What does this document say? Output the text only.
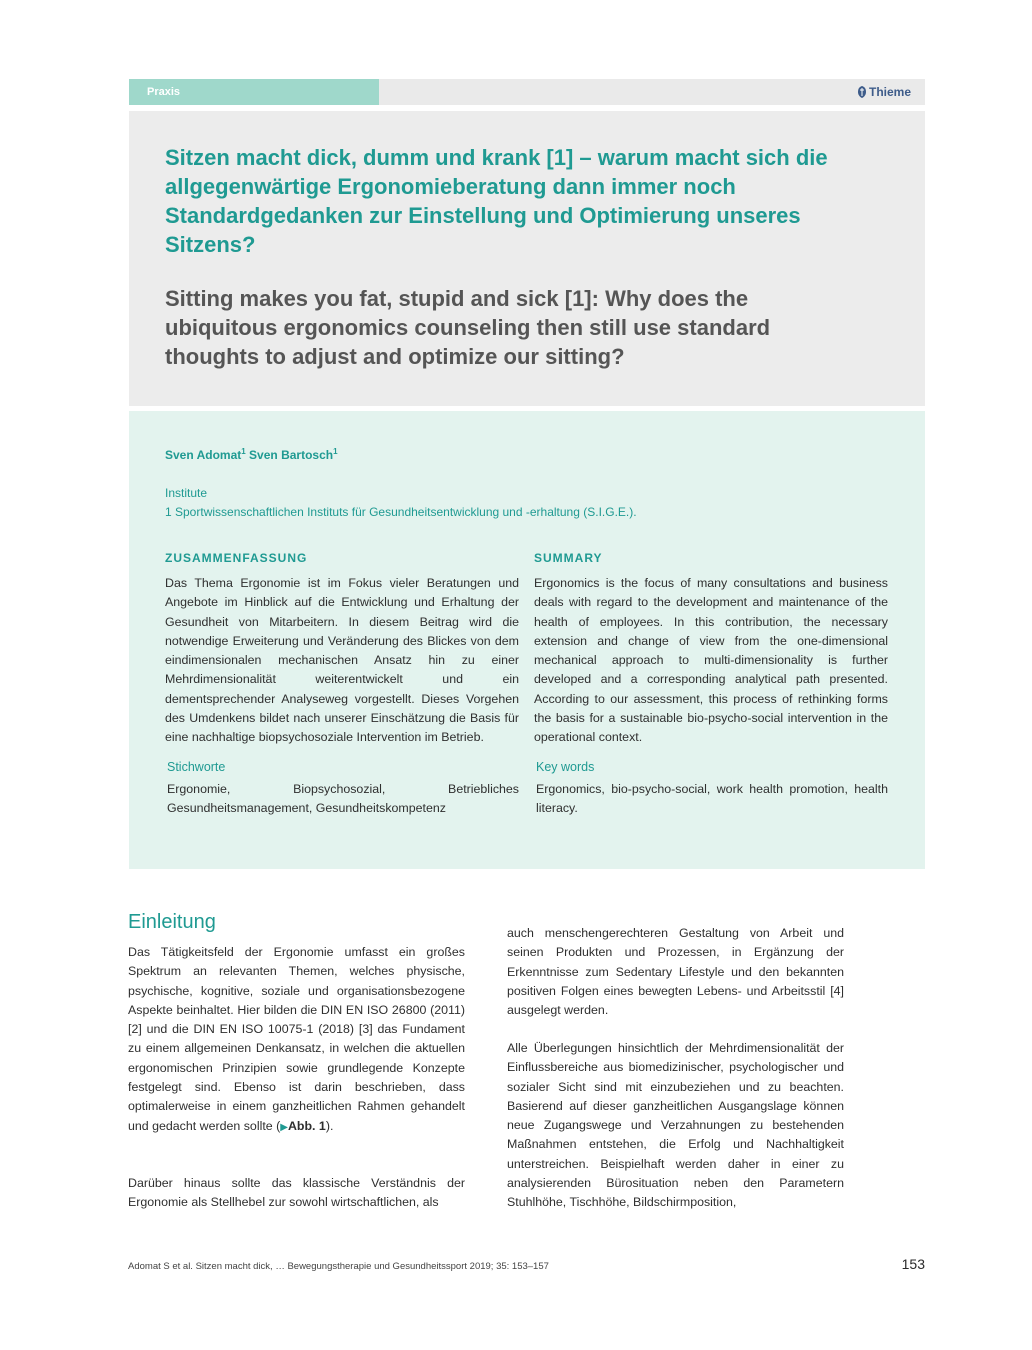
Praxis	Thieme
Sitzen macht dick, dumm und krank [1] – warum macht sich die allgegenwärtige Ergonomieberatung dann immer noch Standardgedanken zur Einstellung und Optimierung unseres Sitzens?
Sitting makes you fat, stupid and sick [1]: Why does the ubiquitous ergonomics counseling then still use standard thoughts to adjust and optimize our sitting?
Sven Adomat$^1$ Sven Bartosch$^1$
Institute
1 Sportwissenschaftlichen Instituts für Gesundheitsentwicklung und -erhaltung (S.I.G.E.).
ZUSAMMENFASSUNG

Das Thema Ergonomie ist im Fokus vieler Beratungen und Angebote im Hinblick auf die Entwicklung und Erhaltung der Gesundheit von Mitarbeitern. In diesem Beitrag wird die notwendige Erweiterung und Veränderung des Blickes von dem eindimensionalen mechanischen Ansatz hin zu einer Mehrdimensionalität weiterentwickelt und ein dementsprechender Analyseweg vorgestellt. Dieses Vorgehen des Umdenkens bildet nach unserer Einschätzung die Basis für eine nachhaltige biopsychosoziale Intervention im Betrieb.

Stichworte

Ergonomie, Biopsychosozial, Betriebliches Gesundheitsmanagement, Gesundheitskompetenz

SUMMARY

Ergonomics is the focus of many consultations and business deals with regard to the development and maintenance of the health of employees. In this contribution, the necessary extension and change of view from the one-dimensional mechanical approach to multi-dimensionality is further developed and a corresponding analytical path presented. According to our assessment, this process of rethinking forms the basis for a sustainable bio-psycho-social intervention in the operational context.

Key words

Ergonomics, bio-psycho-social, work health promotion, health literacy.

Einleitung

Das Tätigkeitsfeld der Ergonomie umfasst ein großes Spektrum an relevanten Themen, welches physische, psychische, kognitive, soziale und organisationsbezogene Aspekte beinhaltet. Hier bilden die DIN EN ISO 26800 (2011) [2] und die DIN EN ISO 10075-1 (2018) [3] das Fundament zu einem allgemeinen Denkansatz, in welchen die aktuellen ergonomischen Prinzipien sowie grundlegende Konzepte festgelegt sind. Ebenso ist darin beschrieben, dass optimalerweise in einem ganzheitlichen Rahmen gehandelt und gedacht werden sollte (▶Abb. 1).

Darüber hinaus sollte das klassische Verständnis der Ergonomie als Stellhebel zur sowohl wirtschaftlichen, als

auch menschengerechteren Gestaltung von Arbeit und seinen Produkten und Prozessen, in Ergänzung der Erkenntnisse zum Sedentary Lifestyle und den bekannten positiven Folgen eines bewegten Lebens- und Arbeitsstil [4] ausgelegt werden.

Alle Überlegungen hinsichtlich der Mehrdimensionalität der Einflussbereiche aus biomedizinischer, psychologischer und sozialer Sicht sind mit einzubeziehen und zu beachten. Basierend auf dieser ganzheitlichen Ausgangslage können neue Zugangswege und Verzahnungen zu bestehenden Maßnahmen entstehen, die Erfolg und Nachhaltigkeit unterstreichen. Beispielhaft werden daher in einer zu analysierenden Bürosituation neben den Parametern Stuhlhöhe, Tischhöhe, Bildschirmposition,

Adomat S et al. Sitzen macht dick, … Bewegungstherapie und Gesundheitssport 2019; 35: 153–157	153
